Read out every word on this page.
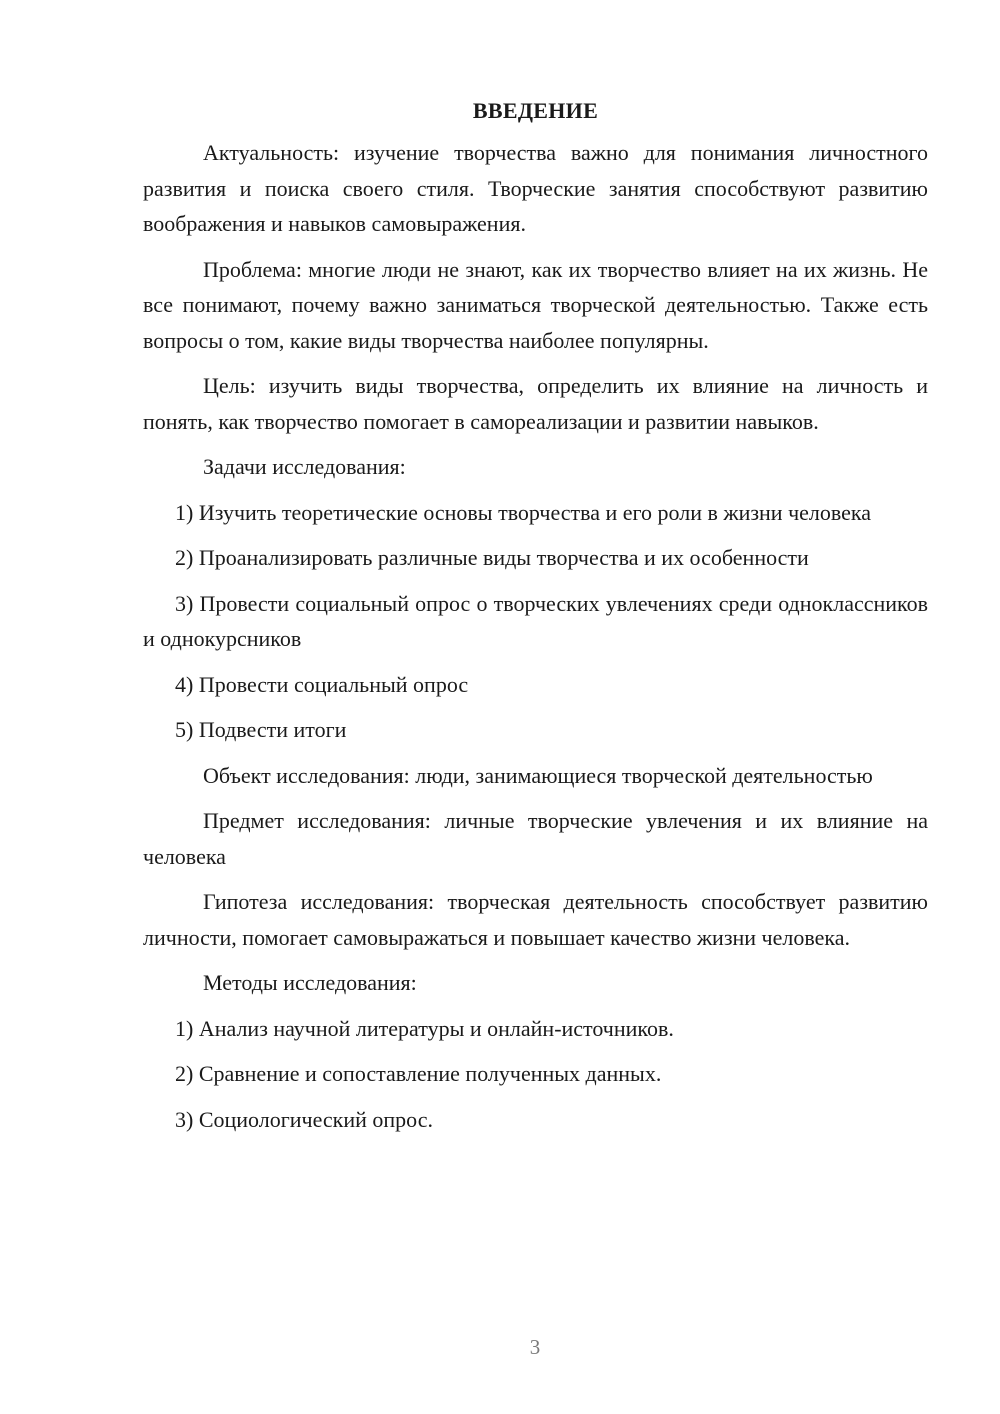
ВВЕДЕНИЕ

Актуальность: изучение творчества важно для понимания личностного развития и поиска своего стиля. Творческие занятия способствуют развитию воображения и навыков самовыражения.

Проблема: многие люди не знают, как их творчество влияет на их жизнь. Не все понимают, почему важно заниматься творческой деятельностью. Также есть вопросы о том, какие виды творчества наиболее популярны.

Цель: изучить виды творчества, определить их влияние на личность и понять, как творчество помогает в самореализации и развитии навыков.

Задачи исследования:

1) Изучить теоретические основы творчества и его роли в жизни человека

2) Проанализировать различные виды творчества и их особенности

3) Провести социальный опрос о творческих увлечениях среди одноклассников и однокурсников

4) Провести социальный опрос

5) Подвести итоги

Объект исследования: люди, занимающиеся творческой деятельностью

Предмет исследования: личные творческие увлечения и их влияние на человека

Гипотеза исследования: творческая деятельность способствует развитию личности, помогает самовыражаться и повышает качество жизни человека.

Методы исследования:

1) Анализ научной литературы и онлайн-источников.

2) Сравнение и сопоставление полученных данных.

3) Социологический опрос.

3
